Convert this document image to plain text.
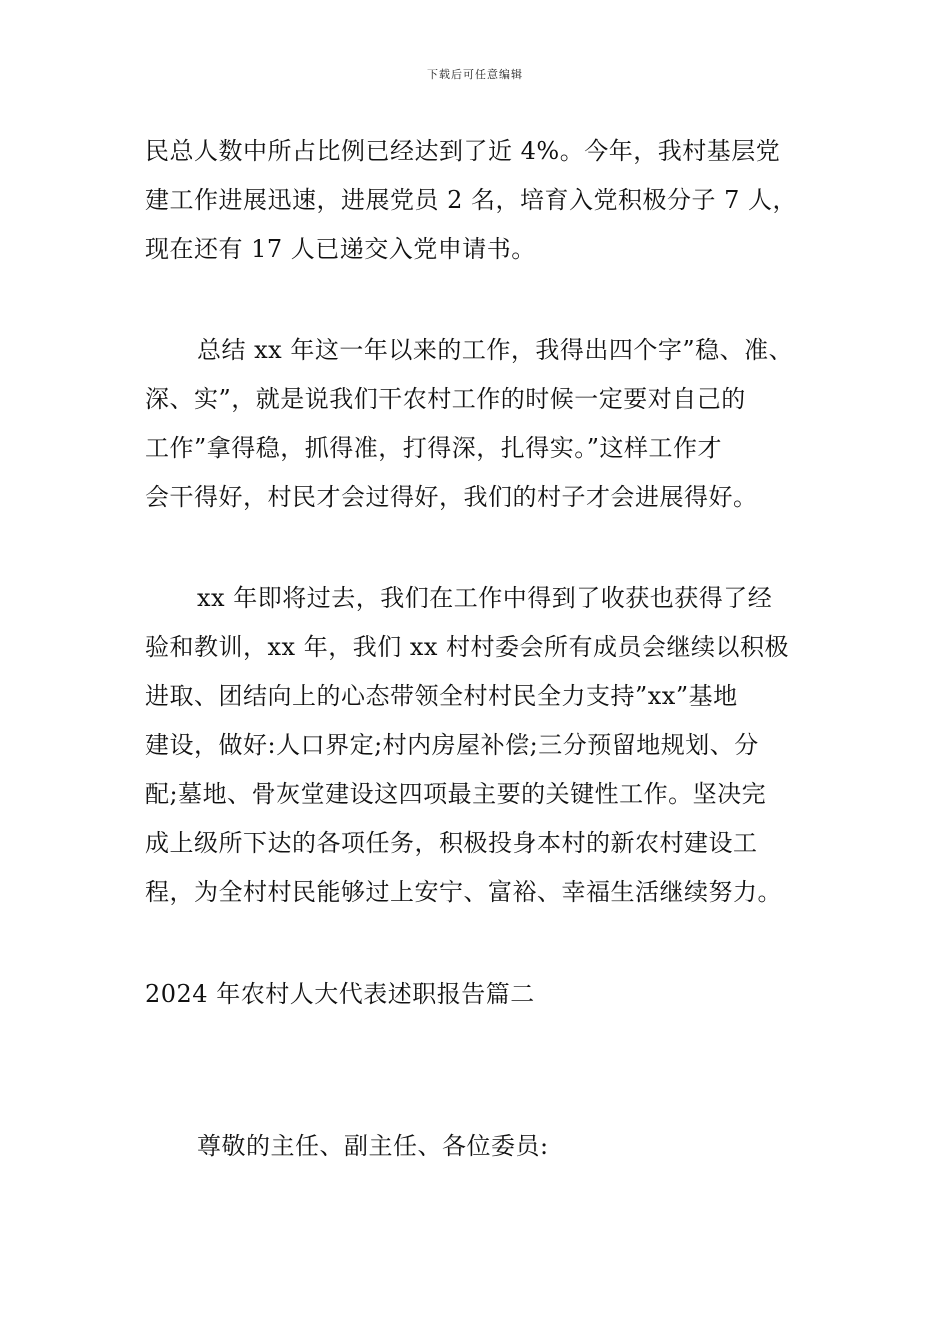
下载后可任意编辑
民总人数中所占比例已经达到了近 4%。今年，我村基层党
建工作进展迅速，进展党员 2 名，培育入党积极分子 7 人，
现在还有 17 人已递交入党申请书。
总结 xx 年这一年以来的工作，我得出四个字”稳、准、
深、实”，就是说我们干农村工作的时候一定要对自己的
工作”拿得稳，抓得准，打得深，扎得实。”这样工作才
会干得好，村民才会过得好，我们的村子才会进展得好。
xx 年即将过去，我们在工作中得到了收获也获得了经
验和教训，xx 年，我们 xx 村村委会所有成员会继续以积极
进取、团结向上的心态带领全村村民全力支持”xx”基地
建设，做好:人口界定;村内房屋补偿;三分预留地规划、分
配;墓地、骨灰堂建设这四项最主要的关键性工作。坚决完
成上级所下达的各项任务，积极投身本村的新农村建设工
程，为全村村民能够过上安宁、富裕、幸福生活继续努力。
2024 年农村人大代表述职报告篇二
尊敬的主任、副主任、各位委员:
